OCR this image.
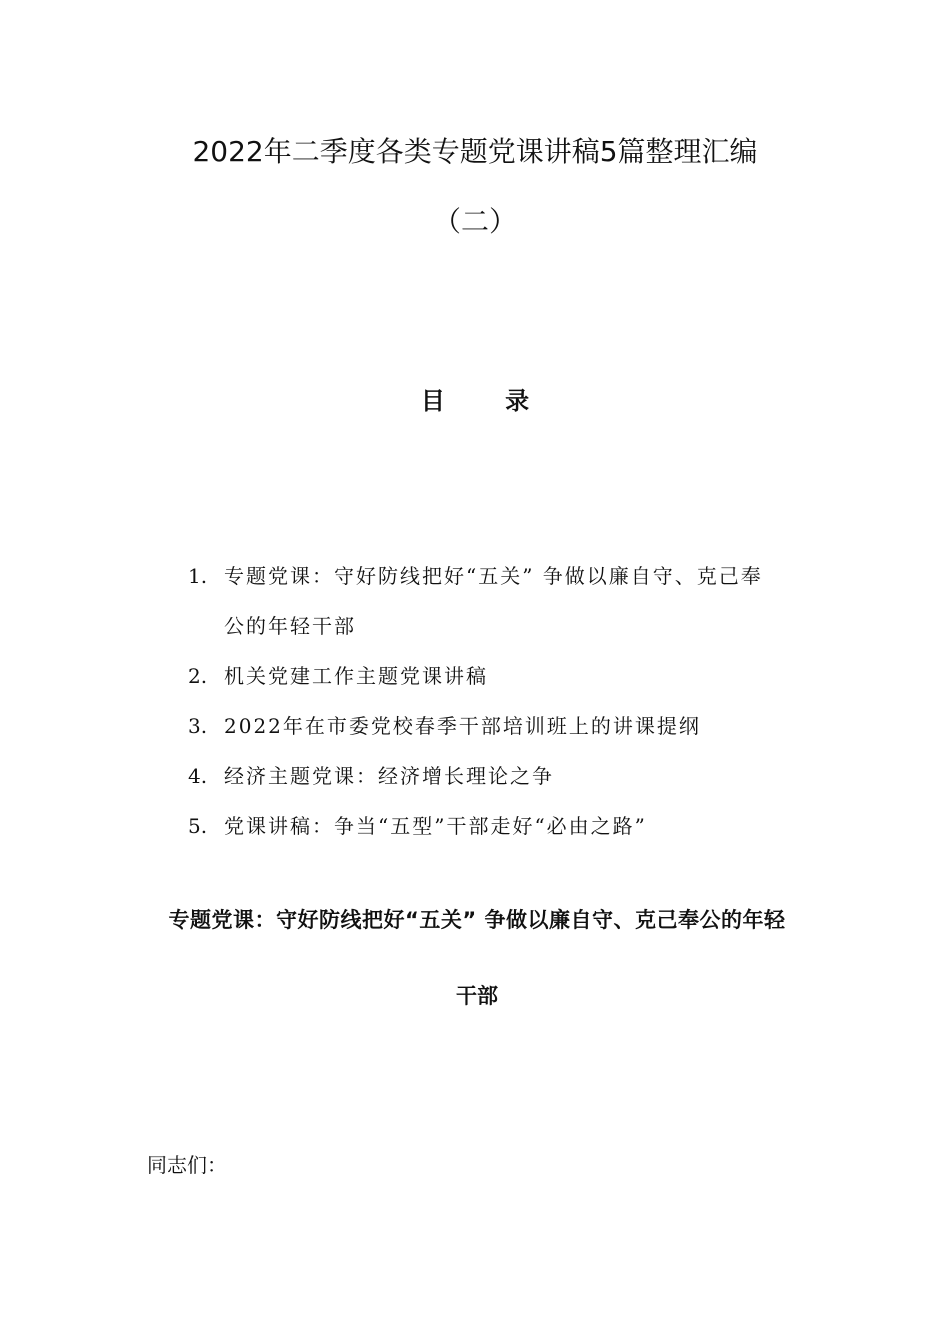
2022年二季度各类专题党课讲稿5篇整理汇编
（二）
目 录
1. 专题党课：守好防线把好“五关” 争做以廉自守、克己奉
公的年轻干部
2. 机关党建工作主题党课讲稿
3. 2022年在市委党校春季干部培训班上的讲课提纲
4. 经济主题党课：经济增长理论之争
5. 党课讲稿：争当“五型”干部走好“必由之路”
专题党课：守好防线把好“五关” 争做以廉自守、克己奉公的年轻
干部
同志们：
